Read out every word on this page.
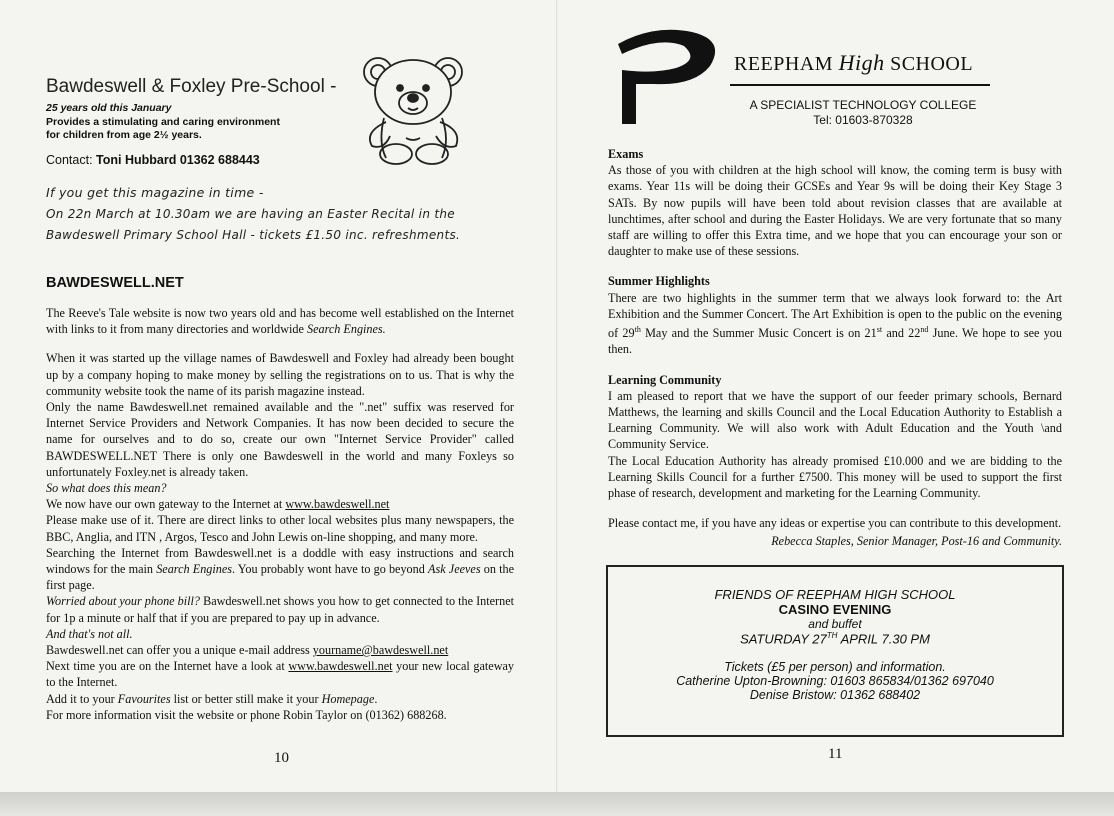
Bawdeswell & Foxley Pre-School -
25 years old this January
Provides a stimulating and caring environment
for children from age 2½ years.
Contact: Toni Hubbard 01362 688443
If you get this magazine in time -
On 22n March at 10.30am we are having an Easter Recital in the
Bawdeswell Primary School Hall - tickets £1.50 inc. refreshments.
BAWDESWELL.NET

The Reeve's Tale website is now two years old and has become well established on the Internet with links to it from many directories and worldwide Search Engines.

When it was started up the village names of Bawdeswell and Foxley had already been bought up by a company hoping to make money by selling the registrations on to us. That is why the community website took the name of its parish magazine instead.

Only the name Bawdeswell.net remained available and the ".net" suffix was reserved for Internet Service Providers and Network Companies. It has now been decided to secure the name for ourselves and to do so, create our own "Internet Service Provider" called BAWDESWELL.NET There is only one Bawdeswell in the world and many Foxleys so unfortunately Foxley.net is already taken.

So what does this mean?

We now have our own gateway to the Internet at www.bawdeswell.net

Please make use of it. There are direct links to other local websites plus many newspapers, the BBC, Anglia, and ITN , Argos, Tesco and John Lewis on-line shopping, and many more.

Searching the Internet from Bawdeswell.net is a doddle with easy instructions and search windows for the main Search Engines. You probably wont have to go beyond Ask Jeeves on the first page.

Worried about your phone bill? Bawdeswell.net shows you how to get connected to the Internet for 1p a minute or half that if you are prepared to pay up in advance.

And that's not all.

Bawdeswell.net can offer you a unique e-mail address yourname@bawdeswell.net

Next time you are on the Internet have a look at www.bawdeswell.net your new local gateway to the Internet.

Add it to your Favourites list or better still make it your Homepage.

For more information visit the website or phone Robin Taylor on (01362) 688268.

10
REEPHAM High SCHOOL
A SPECIALIST TECHNOLOGY COLLEGE
Tel: 01603-870328

Exams

As those of you with children at the high school will know, the coming term is busy with exams. Year 11s will be doing their GCSEs and Year 9s will be doing their Key Stage 3 SATs. By now pupils will have been told about revision classes that are available at lunchtimes, after school and during the Easter Holidays. We are very fortunate that so many staff are willing to offer this Extra time, and we hope that you can encourage your son or daughter to make use of these sessions.

Summer Highlights

There are two highlights in the summer term that we always look forward to: the Art Exhibition and the Summer Concert. The Art Exhibition is open to the public on the evening of 29th May and the Summer Music Concert is on 21st and 22nd June. We hope to see you then.

Learning Community

I am pleased to report that we have the support of our feeder primary schools, Bernard Matthews, the learning and skills Council and the Local Education Authority to Establish a Learning Community. We will also work with Adult Education and the Youth \and Community Service.

The Local Education Authority has already promised £10.000 and we are bidding to the Learning Skills Council for a further £7500. This money will be used to support the first phase of research, development and marketing for the Learning Community.

Please contact me, if you have any ideas or expertise you can contribute to this development.

Rebecca Staples, Senior Manager, Post-16 and Community.

FRIENDS OF REEPHAM HIGH SCHOOL
CASINO EVENING
and buffet
SATURDAY 27TH APRIL 7.30 PM
Tickets (£5 per person) and information.
Catherine Upton-Browning: 01603 865834/01362 697040
Denise Bristow: 01362 688402
11
